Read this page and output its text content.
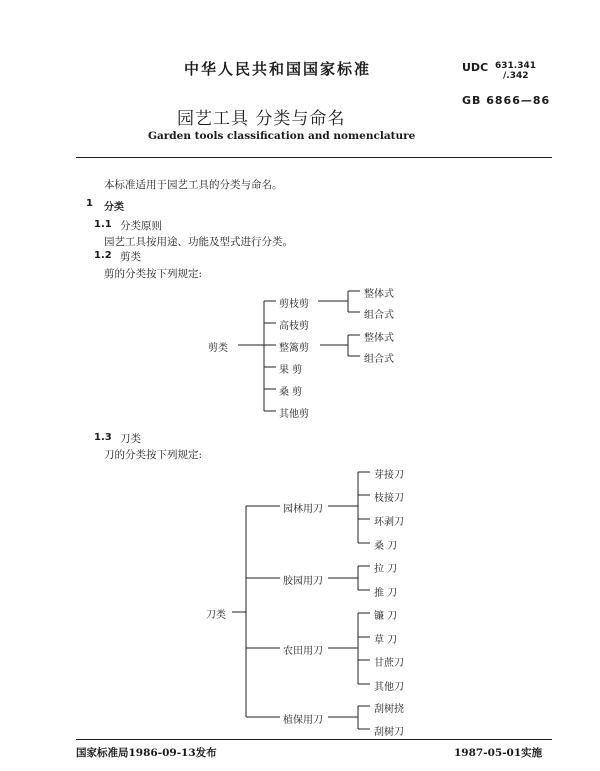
中华人民共和国国家标准	UDC 631.341
/.342
GB 6866—86
园艺工具 分类与命名
Garden tools classification and nomenclature
本标准适用于园艺工具的分类与命名。
1 分类
1.1 分类原则
园艺工具按用途、功能及型式进行分类。
1.2 剪类
剪的分类按下列规定:
剪类
剪枝剪
高枝剪
整篱剪
果 剪
桑 剪
其他剪
整体式
组合式
整体式
组合式
1.3 刀类
刀的分类按下列规定:
刀类
园林用刀
胶园用刀
农田用刀
植保用刀
芽接刀
枝接刀
环剥刀
桑 刀
拉 刀
推 刀
镰 刀
草 刀
甘蔗刀
其他刀
刮树挠
刮树刀
国家标准局1986-09-13发布	1987-05-01实施
